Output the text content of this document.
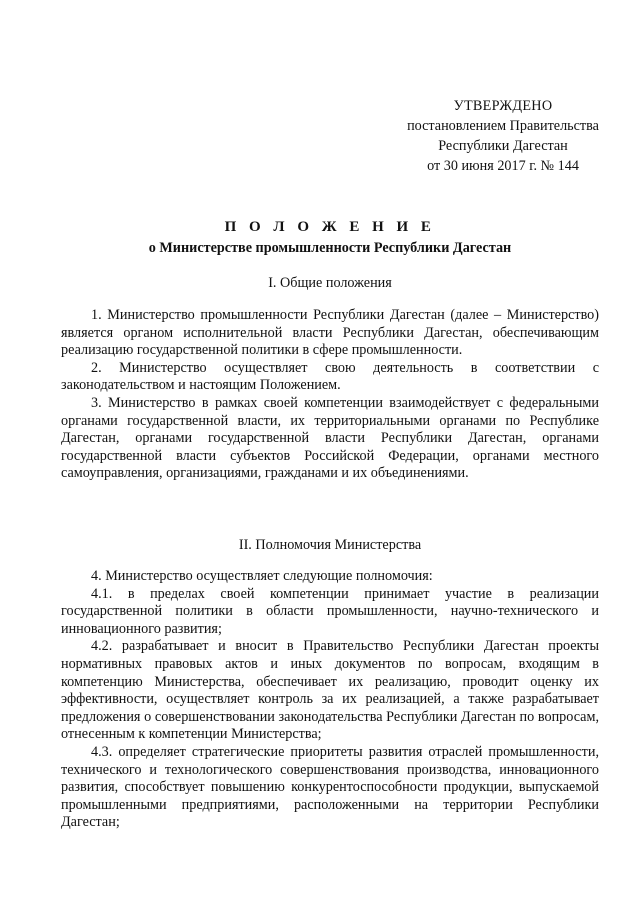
УТВЕРЖДЕНО
постановлением Правительства
Республики Дагестан
от 30 июня 2017 г. № 144
П О Л О Ж Е Н И Е
о Министерстве промышленности Республики Дагестан
I. Общие положения

1. Министерство промышленности Республики Дагестан (далее – Министерство) является органом исполнительной власти Республики Дагестан, обеспечивающим реализацию государственной политики в сфере промышленности.

2. Министерство осуществляет свою деятельность в соответствии с законодательством и настоящим Положением.

3. Министерство в рамках своей компетенции взаимодействует с федеральными органами государственной власти, их территориальными органами по Республике Дагестан, органами государственной власти Республики Дагестан, органами государственной власти субъектов Российской Федерации, органами местного самоуправления, организациями, гражданами и их объединениями.

II. Полномочия Министерства

4. Министерство осуществляет следующие полномочия:

4.1. в пределах своей компетенции принимает участие в реализации государственной политики в области промышленности, научно-технического и инновационного развития;

4.2. разрабатывает и вносит в Правительство Республики Дагестан проекты нормативных правовых актов и иных документов по вопросам, входящим в компетенцию Министерства, обеспечивает их реализацию, проводит оценку их эффективности, осуществляет контроль за их реализацией, а также разрабатывает предложения о совершенствовании законодательства Республики Дагестан по вопросам, отнесенным к компетенции Министерства;

4.3. определяет стратегические приоритеты развития отраслей промышленности, технического и технологического совершенствования производства, инновационного развития, способствует повышению конкурентоспособности продукции, выпускаемой промышленными предприятиями, расположенными на территории Республики Дагестан;
